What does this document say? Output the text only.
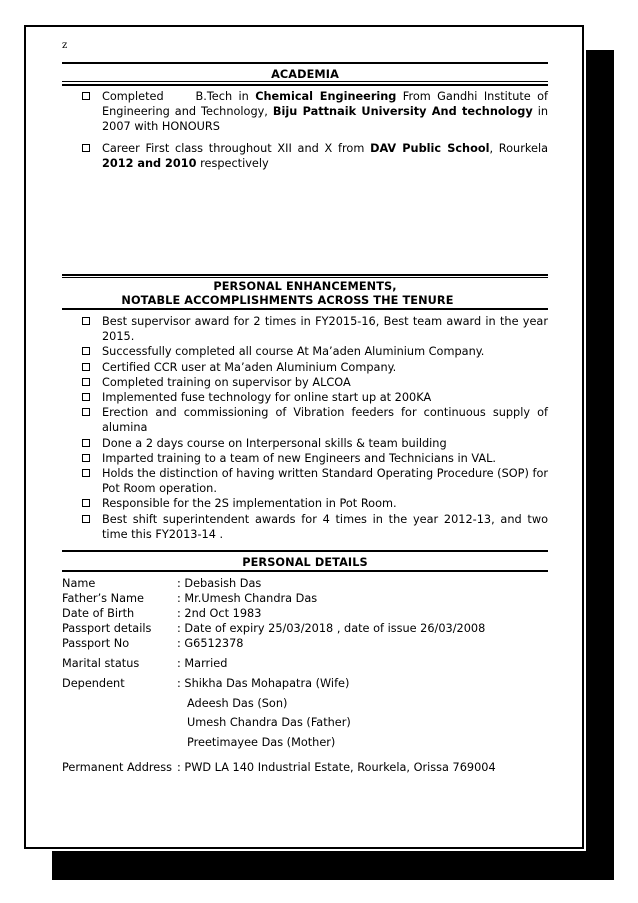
z
ACADEMIA
Completed     B.Tech in Chemical Engineering From Gandhi Institute of Engineering and Technology, Biju Pattnaik University And technology in 2007 with HONOURS
Career First class throughout XII and X from DAV Public School, Rourkela 2012 and 2010 respectively
PERSONAL ENHANCEMENTS,
NOTABLE ACCOMPLISHMENTS ACROSS THE TENURE
Best supervisor award for 2 times in FY2015-16, Best team award in the year 2015.
Successfully completed all course At Ma’aden Aluminium Company.
Certified CCR user at Ma’aden Aluminium Company.
Completed training on supervisor by ALCOA
Implemented fuse technology for online start up at 200KA
Erection and commissioning of Vibration feeders for continuous supply of alumina
Done a 2 days course on Interpersonal skills & team building
Imparted training to a team of new Engineers and Technicians in VAL.
Holds the distinction of having written Standard Operating Procedure (SOP) for Pot Room operation.
Responsible for the 2S implementation in Pot Room.
Best shift superintendent awards for 4 times in the year 2012-13, and two time this FY2013-14 .
PERSONAL DETAILS
Name	: Debasish Das
Father’s Name	: Mr.Umesh Chandra Das
Date of Birth	: 2nd Oct 1983
Passport details : Date of expiry 25/03/2018 , date of issue 26/03/2008
Passport No	: G6512378
Marital status	: Married
Dependent	: Shikha Das Mohapatra (Wife)
Adeesh Das (Son)
Umesh Chandra Das (Father)
Preetimayee Das (Mother)
Permanent Address : PWD LA 140 Industrial Estate, Rourkela, Orissa 769004
